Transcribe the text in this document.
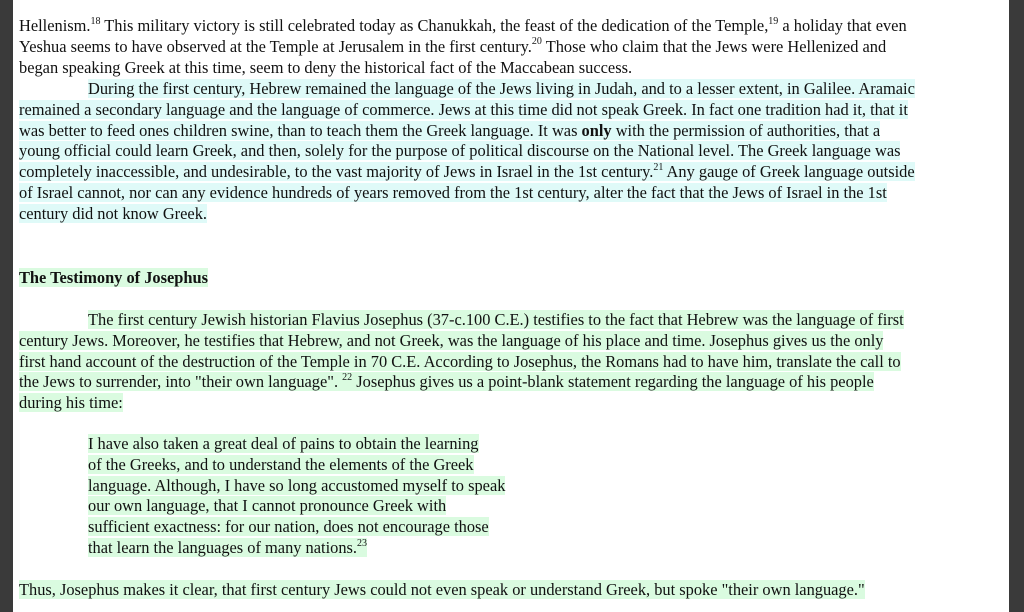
Hellenism.$^{18}$ This military victory is still celebrated today as Chanukkah, the feast of the dedication of the Temple,$^{19}$ a holiday that even
Yeshua seems to have observed at the Temple at Jerusalem in the first century.$^{20}$ Those who claim that the Jews were Hellenized and
began speaking Greek at this time, seem to deny the historical fact of the Maccabean success.
During the first century, Hebrew remained the language of the Jews living in Judah, and to a lesser extent, in Galilee. Aramaic
remained a secondary language and the language of commerce. Jews at this time did not speak Greek. In fact one tradition had it, that it
was better to feed ones children swine, than to teach them the Greek language. It was only with the permission of authorities, that a
young official could learn Greek, and then, solely for the purpose of political discourse on the National level. The Greek language was
completely inaccessible, and undesirable, to the vast majority of Jews in Israel in the 1st century.$^{21}$ Any gauge of Greek language outside
of Israel cannot, nor can any evidence hundreds of years removed from the 1st century, alter the fact that the Jews of Israel in the 1st
century did not know Greek.
The Testimony of Josephus
The first century Jewish historian Flavius Josephus (37-c.100 C.E.) testifies to the fact that Hebrew was the language of first
century Jews. Moreover, he testifies that Hebrew, and not Greek, was the language of his place and time. Josephus gives us the only
first hand account of the destruction of the Temple in 70 C.E. According to Josephus, the Romans had to have him, translate the call to
the Jews to surrender, into "their own language". $^{22}$ Josephus gives us a point-blank statement regarding the language of his people
during his time:
I have also taken a great deal of pains to obtain the learning
of the Greeks, and to understand the elements of the Greek
language. Although, I have so long accustomed myself to speak
our own language, that I cannot pronounce Greek with
sufficient exactness: for our nation, does not encourage those
that learn the languages of many nations.$^{23}$
Thus, Josephus makes it clear, that first century Jews could not even speak or understand Greek, but spoke "their own language."
